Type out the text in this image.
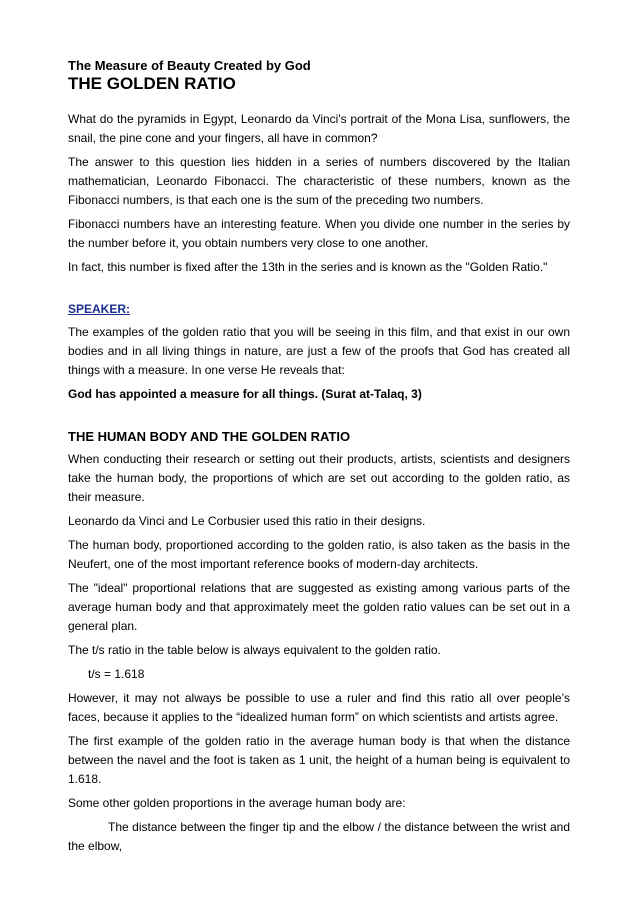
The Measure of Beauty Created by God
THE GOLDEN RATIO

What do the pyramids in Egypt, Leonardo da Vinci's portrait of the Mona Lisa, sunflowers, the snail, the pine cone and your fingers, all have in common?

The answer to this question lies hidden in a series of numbers discovered by the Italian mathematician, Leonardo Fibonacci. The characteristic of these numbers, known as the Fibonacci numbers, is that each one is the sum of the preceding two numbers.

Fibonacci numbers have an interesting feature. When you divide one number in the series by the number before it, you obtain numbers very close to one another.

In fact, this number is fixed after the 13th in the series and is known as the "Golden Ratio."

SPEAKER:

The examples of the golden ratio that you will be seeing in this film, and that exist in our own bodies and in all living things in nature, are just a few of the proofs that God has created all things with a measure. In one verse He reveals that:

God has appointed a measure for all things. (Surat at-Talaq, 3)

THE HUMAN BODY AND THE GOLDEN RATIO

When conducting their research or setting out their products, artists, scientists and designers take the human body, the proportions of which are set out according to the golden ratio, as their measure.

Leonardo da Vinci and Le Corbusier used this ratio in their designs.

The human body, proportioned according to the golden ratio, is also taken as the basis in the Neufert, one of the most important reference books of modern-day architects.

The "ideal" proportional relations that are suggested as existing among various parts of the average human body and that approximately meet the golden ratio values can be set out in a general plan.

The t/s ratio in the table below is always equivalent to the golden ratio.

t/s = 1.618

However, it may not always be possible to use a ruler and find this ratio all over people’s faces, because it applies to the “idealized human form” on which scientists and artists agree.

The first example of the golden ratio in the average human body is that when the distance between the navel and the foot is taken as 1 unit, the height of a human being is equivalent to 1.618.

Some other golden proportions in the average human body are:

The distance between the finger tip and the elbow / the distance between the wrist and the elbow,
